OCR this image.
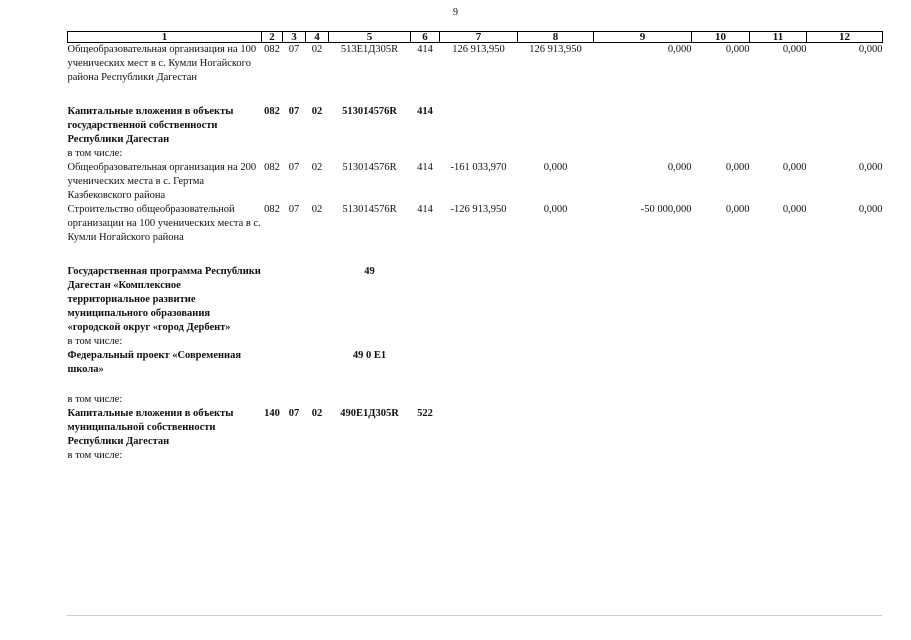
9
1	2	3	4	5	6	7	8	9	10	11	12
Общеобразовательная организация на 100 ученических мест в с. Кумли Ногайского района Республики Дагестан	082	07	02	513Е1Д305R	414	126 913,950	126 913,950	0,000	0,000	0,000	0,000

Капитальные вложения в объекты государственной собственности Республики Дагестан	082	07	02	513014576R	414						
в том числе:											
Общеобразовательная организация на 200 ученических места в с. Гертма Казбековского района	082	07	02	513014576R	414	-161 033,970	0,000	0,000	0,000	0,000	0,000
Строительство общеобразовательной организации на 100 ученических места в с. Кумли Ногайского района	082	07	02	513014576R	414	-126 913,950	0,000	-50 000,000	0,000	0,000	0,000

Государственная программа Республики Дагестан «Комплексное территориальное развитие муниципального образования «городской округ «город Дербент»				49							
в том числе:											
Федеральный проект «Современная школа»				49 0 Е1							

в том числе:											
Капитальные вложения в объекты муниципальной собственности Республики Дагестан	140	07	02	490Е1Д305R	522						
в том числе:											
